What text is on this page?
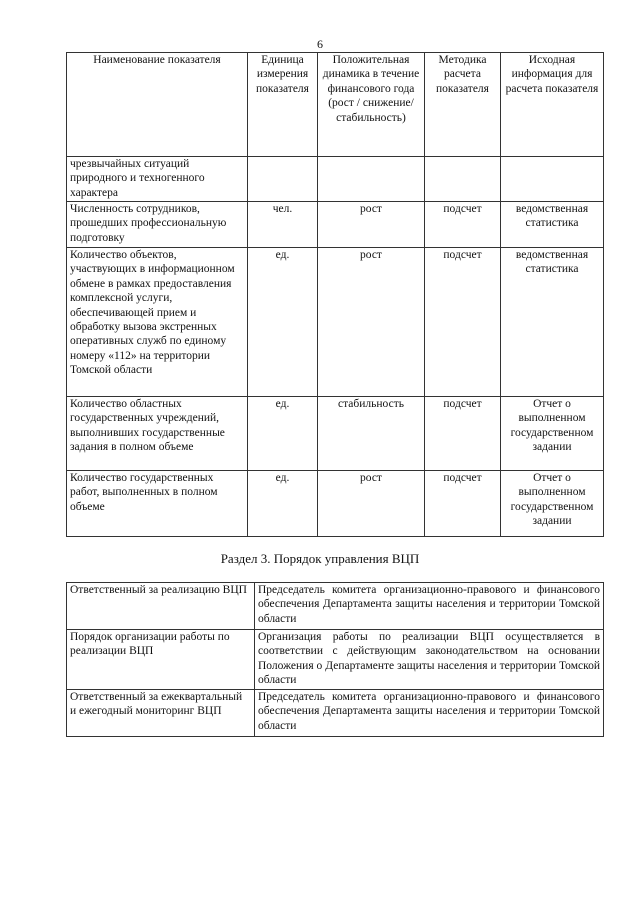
6
Наименование показателя	Единица измерения показателя	Положительная динамика в течение финансового года (рост / снижение/стабильность)	Методика расчета показателя	Исходная информация для расчета показателя
чрезвычайных ситуаций природного и техногенного характера				
Численность сотрудников, прошедших профессиональную подготовку	чел.	рост	подсчет	ведомственная статистика
Количество объектов, участвующих в информационном обмене в рамках предоставления комплексной услуги, обеспечивающей прием и обработку вызова экстренных оперативных служб по единому номеру «112» на территории Томской области	ед.	рост	подсчет	ведомственная статистика
Количество областных государственных учреждений, выполнивших государственные задания в полном объеме	ед.	стабильность	подсчет	Отчет о выполненном государственном задании
Количество государственных работ, выполненных в полном объеме	ед.	рост	подсчет	Отчет о выполненном государственном задании
Раздел 3. Порядок управления ВЦП
Ответственный за реализацию ВЦП	Председатель комитета организационно-правового и финансового обеспечения Департамента защиты населения и территории Томской области
Порядок организации работы по реализации ВЦП	Организация работы по реализации ВЦП осуществляется в соответствии с действующим законодательством на основании Положения о Департаменте защиты населения и территории Томской области
Ответственный за ежеквартальный и ежегодный мониторинг ВЦП	Председатель комитета организационно-правового и финансового обеспечения Департамента защиты населения и территории Томской области
